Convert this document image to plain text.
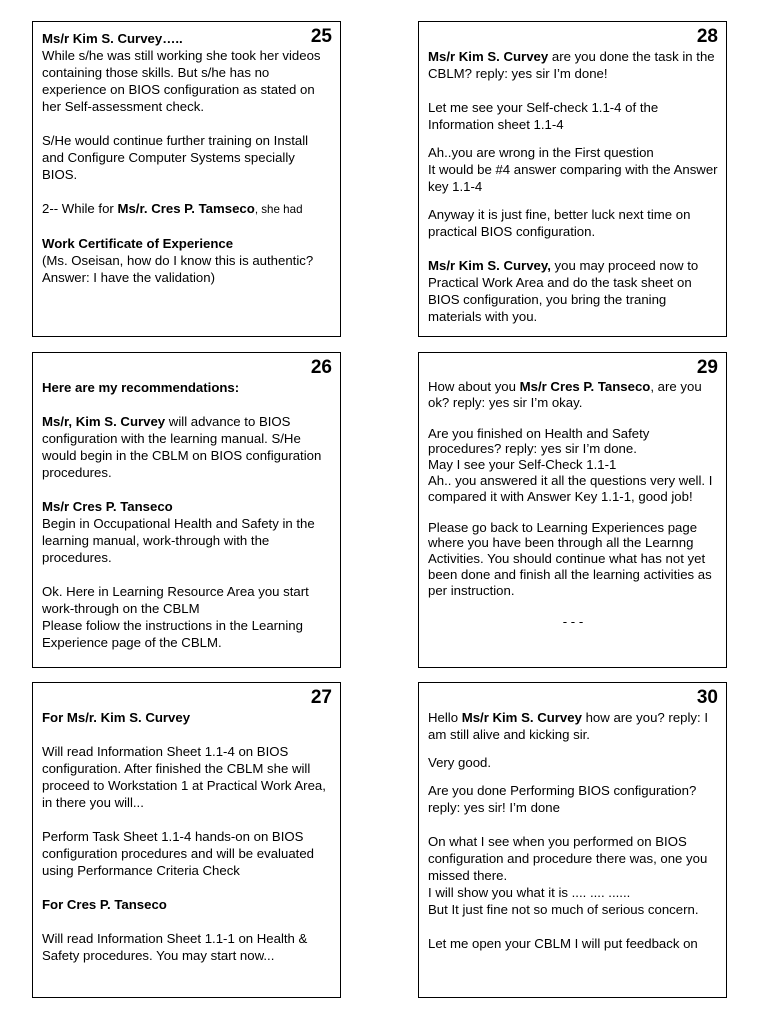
25

Ms/r Kim S. Curvey…..
While s/he was still working she took her videos containing those skills. But s/he has no experience on BIOS configuration as stated on her Self-assessment check.

S/He would continue further training on Install and Configure Computer Systems specially BIOS.

2-- While for Ms/r. Cres P. Tamseco, she had

Work Certificate of Experience
(Ms. Oseisan, how do I know this is authentic? Answer: I have the validation)

26

Here are my recommendations:

Ms/r, Kim S. Curvey will advance to BIOS configuration with the learning manual. S/He would begin in the CBLM on BIOS configuration procedures.

Ms/r Cres P. Tanseco
Begin in Occupational Health and Safety in the learning manual, work-through with the procedures.

Ok. Here in Learning Resource Area you start work-through on the CBLM

Please foliow the instructions in the Learning Experience page of the CBLM.

27

For Ms/r. Kim S. Curvey

Will read Information Sheet 1.1-4 on BIOS configuration. After finished the CBLM she will proceed to Workstation 1 at Practical Work Area, in there you will...

Perform Task Sheet 1.1-4 hands-on on BIOS configuration procedures and will be evaluated using Performance Criteria Check

For Cres P. Tanseco

Will read Information Sheet 1.1-1 on Health & Safety procedures. You may start now...

28

Ms/r Kim S. Curvey are you done the task in the CBLM? reply: yes sir I’m done!

Let me see your Self-check 1.1-4 of the Information sheet 1.1-4

Ah..you are wrong in the First question
It would be #4 answer comparing with the Answer key 1.1-4

Anyway it is just fine, better luck next time on practical BIOS configuration.

Ms/r Kim S. Curvey, you may proceed now to Practical Work Area and do the task sheet on BIOS configuration, you bring the traning materials with you.

29

How about you Ms/r Cres P. Tanseco, are you ok? reply: yes sir I’m okay.

Are you finished on Health and Safety procedures? reply: yes sir I’m done.
May I see your Self-Check 1.1-1
Ah.. you answered it all the questions very well. I compared it with Answer Key 1.1-1, good job!

Please go back to Learning Experiences page where you have been through all the Learnng Activities. You should continue what has not yet been done and finish all the learning activities as per instruction.

- - -

30

Hello Ms/r Kim S. Curvey how are you? reply: I am still alive and kicking sir.

Very good.

Are you done Performing BIOS configuration? reply: yes sir! I’m done

On what I see when you performed on BIOS configuration and procedure there was, one you missed there.
I will show you what it is .... .... ......
But It just fine not so much of serious concern.

Let me open your CBLM I will put feedback on
